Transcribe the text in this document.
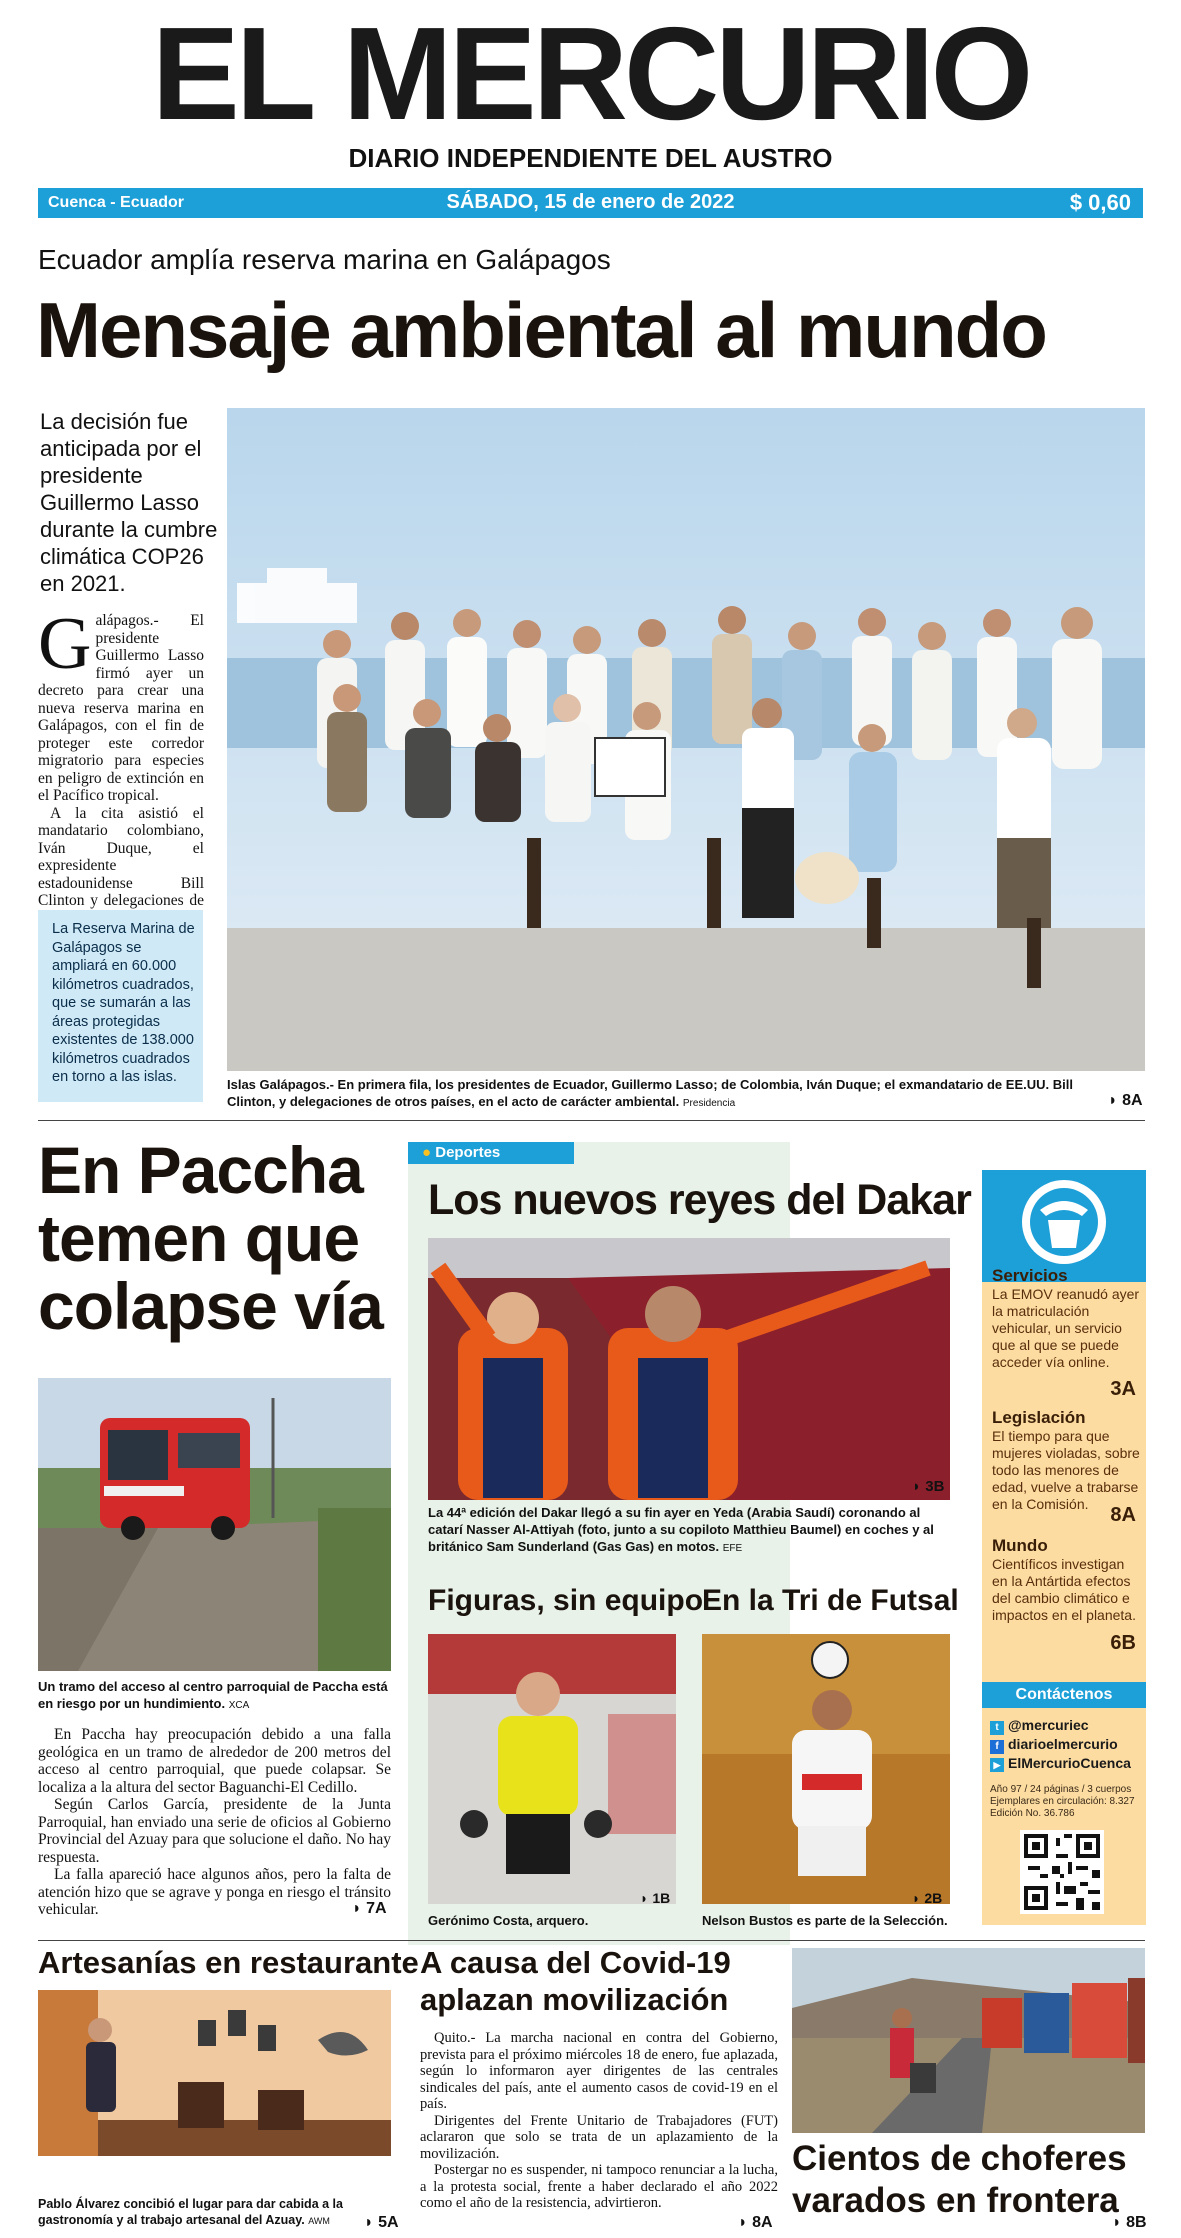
EL MERCURIO
DIARIO INDEPENDIENTE DEL AUSTRO
Cuenca - Ecuador	SÁBADO, 15 de enero de 2022	$ 0,60
Ecuador amplía reserva marina en Galápagos
Mensaje ambiental al mundo
La decisión fue anticipada por el presidente Guillermo Lasso durante la cumbre climática COP26 en 2021.
G alápagos.- El presidente Guillermo Lasso firmó ayer un decreto para crear una nueva reserva marina en Galápagos, con el fin de proteger este corredor migratorio para especies en peligro de extinción en el Pacífico tropical.
A la cita asistió el mandatario colombiano, Iván Duque, el expresidente estadounidense Bill Clinton y delegaciones de
La Reserva Marina de Galápagos se ampliará en 60.000 kilómetros cuadrados, que se sumarán a las áreas protegidas existentes de 138.000 kilómetros cuadrados en torno a las islas.	Islas Galápagos.- En primera fila, los presidentes de Ecuador, Guillermo Lasso; de Colombia, Iván Duque; el exmandatario de EE.UU. Bill Clinton, y delegaciones de otros países, en el acto de carácter ambiental. Presidencia	◗ 8A
En Paccha temen que colapse vía
Un tramo del acceso al centro parroquial de Paccha está en riesgo por un hundimiento. XCA
En Paccha hay preocupación debido a una falla geológica en un tramo de alrededor de 200 metros del acceso al centro parroquial, que puede colapsar. Se localiza a la altura del sector Baguanchi-El Cedillo.
Según Carlos García, presidente de la Junta Parroquial, han enviado una serie de oficios al Gobierno Provincial del Azuay para que solucione el daño. No hay respuesta.
La falla apareció hace algunos años, pero la falta de atención hizo que se agrave y ponga en riesgo el tránsito vehicular.	◗ 7A
● Deportes
Los nuevos reyes del Dakar
◗ 3B
La 44ª edición del Dakar llegó a su fin ayer en Yeda (Arabia Saudí) coronando al catarí Nasser Al-Attiyah (foto, junto a su copiloto Matthieu Baumel) en coches y al británico Sam Sunderland (Gas Gas) en motos. EFE
Figuras, sin equipo
En la Tri de Futsal
◗ 1B
Gerónimo Costa, arquero.
◗ 2B
Nelson Bustos es parte de la Selección.
Servicios
La EMOV reanudó ayer la matriculación vehicular, un servicio que al que se puede acceder vía online.
3A
Legislación
El tiempo para que mujeres violadas, sobre todo las menores de edad, vuelve a trabarse en la Comisión.	8A
Mundo
Científicos investigan en la Antártida efectos del cambio climático e impactos en el planeta.
6B
Contáctenos
t @mercuriec
f diarioelmercurio
▶ ElMercurioCuenca
Año 97 / 24 páginas / 3 cuerpos
Ejemplares en circulación: 8.327
Edición No. 36.786
Artesanías en restaurante
Pablo Álvarez concibió el lugar para dar cabida a la gastronomía y al trabajo artesanal del Azuay. AWM	◗ 5A
A causa del Covid-19 aplazan movilización
Quito.- La marcha nacional en contra del Gobierno, prevista para el próximo miércoles 18 de enero, fue aplazada, según lo informaron ayer dirigentes de las centrales sindicales del país, ante el aumento casos de covid-19 en el país.
Dirigentes del Frente Unitario de Trabajadores (FUT) aclararon que solo se trata de un aplazamiento de la movilización.
Postergar no es suspender, ni tampoco renunciar a la lucha, a la protesta social, frente a haber declarado el año 2022 como el año de la resistencia, advirtieron.
◗ 8A
Cientos de choferes varados en frontera
◗ 8B
